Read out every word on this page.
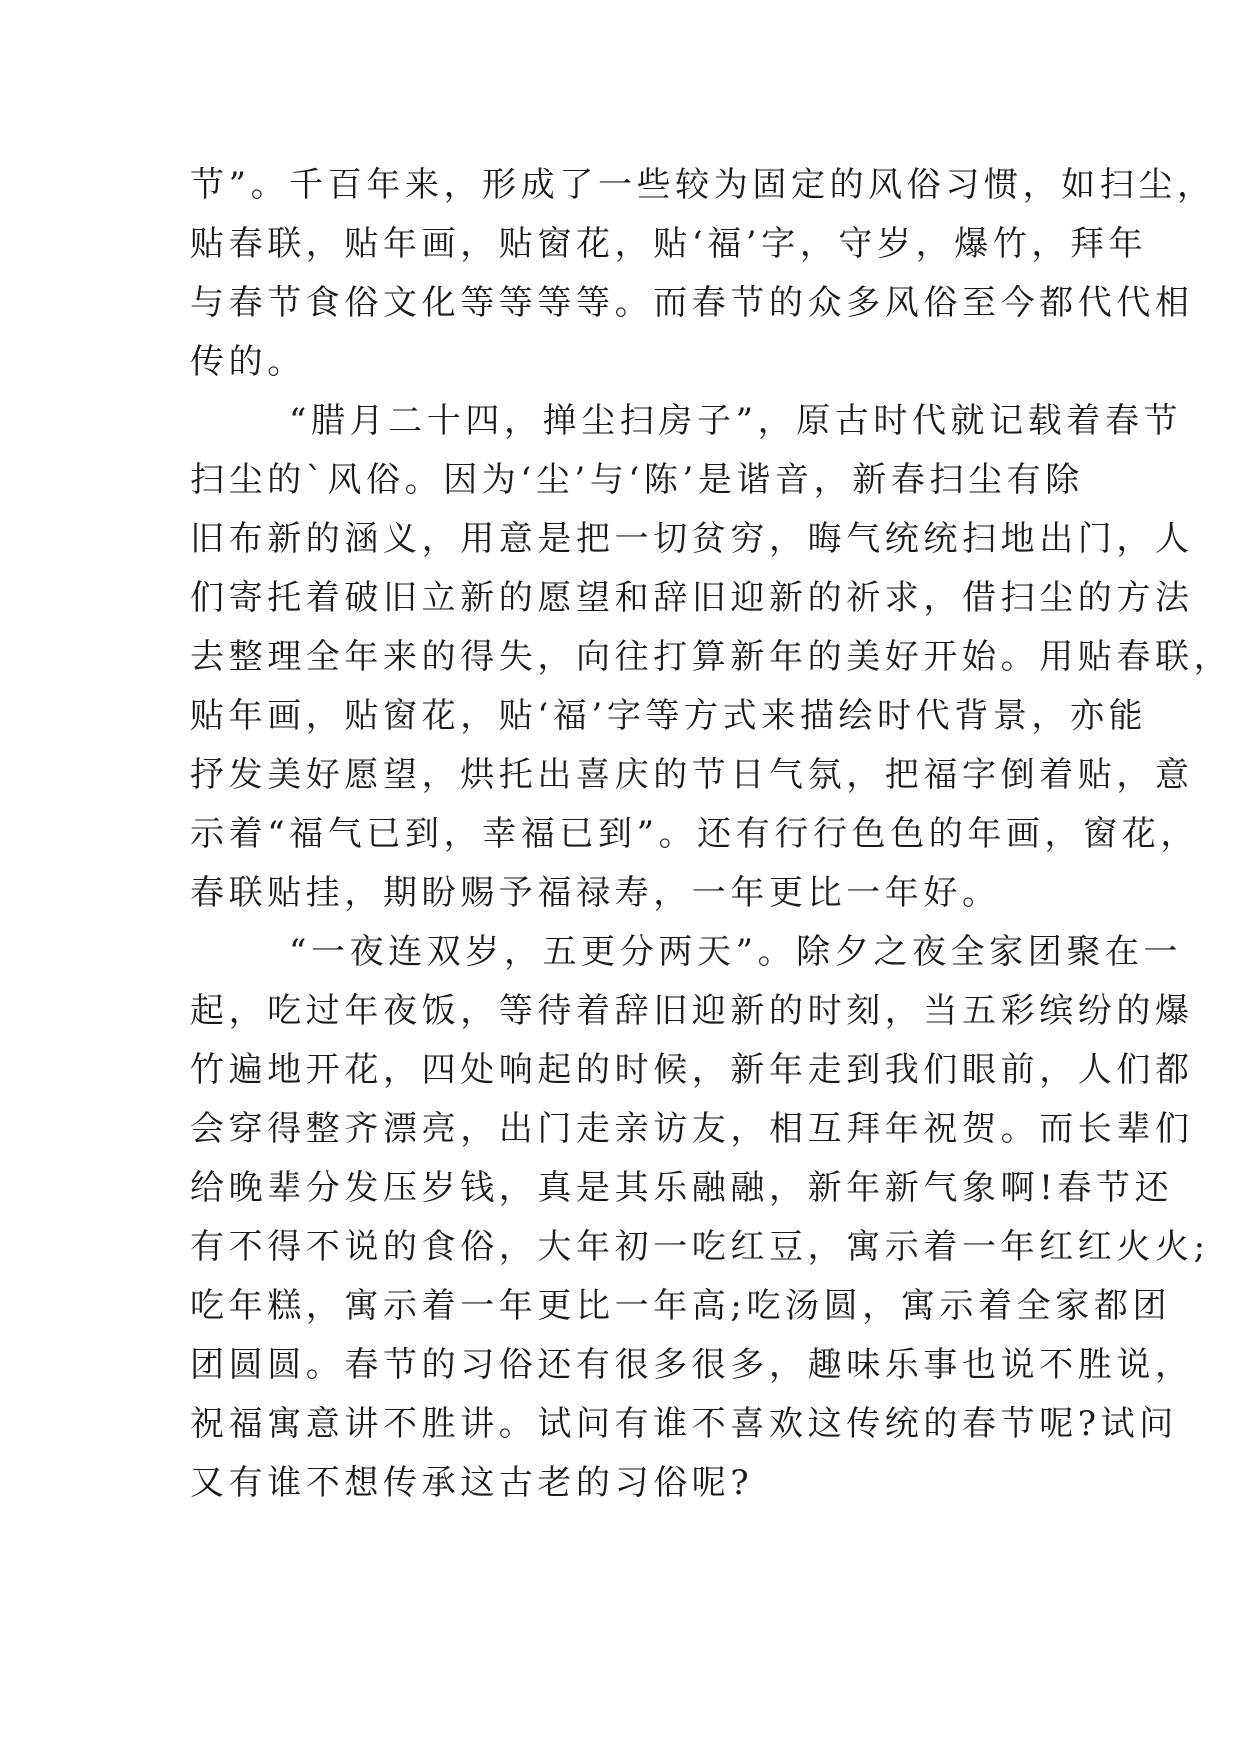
节”。千百年来，形成了一些较为固定的风俗习惯，如扫尘，
贴春联，贴年画，贴窗花，贴‘福’字，守岁，爆竹，拜年
与春节食俗文化等等等等。而春节的众多风俗至今都代代相
传的。
“腊月二十四，掸尘扫房子”，原古时代就记载着春节
扫尘的`风俗。因为‘尘’与‘陈’是谐音，新春扫尘有除
旧布新的涵义，用意是把一切贫穷，晦气统统扫地出门，人
们寄托着破旧立新的愿望和辞旧迎新的祈求，借扫尘的方法
去整理全年来的得失，向往打算新年的美好开始。用贴春联，
贴年画，贴窗花，贴‘福’字等方式来描绘时代背景，亦能
抒发美好愿望，烘托出喜庆的节日气氛，把福字倒着贴，意
示着“福气已到，幸福已到”。还有行行色色的年画，窗花，
春联贴挂，期盼赐予福禄寿，一年更比一年好。
“一夜连双岁，五更分两天”。除夕之夜全家团聚在一
起，吃过年夜饭，等待着辞旧迎新的时刻，当五彩缤纷的爆
竹遍地开花，四处响起的时候，新年走到我们眼前，人们都
会穿得整齐漂亮，出门走亲访友，相互拜年祝贺。而长辈们
给晚辈分发压岁钱，真是其乐融融，新年新气象啊!春节还
有不得不说的食俗，大年初一吃红豆，寓示着一年红红火火;
吃年糕，寓示着一年更比一年高;吃汤圆，寓示着全家都团
团圆圆。春节的习俗还有很多很多，趣味乐事也说不胜说，
祝福寓意讲不胜讲。试问有谁不喜欢这传统的春节呢?试问
又有谁不想传承这古老的习俗呢?
